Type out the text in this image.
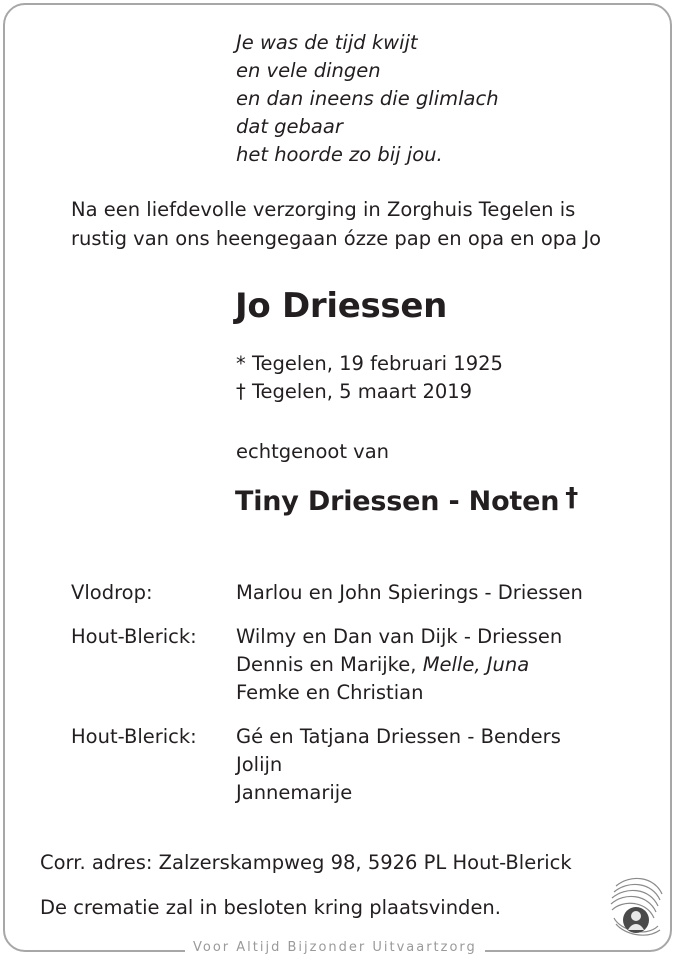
Je was de tijd kwijt
en vele dingen
en dan ineens die glimlach
dat gebaar
het hoorde zo bij jou.
Na een liefdevolle verzorging in Zorghuis Tegelen is
rustig van ons heengegaan ózze pap en opa en opa Jo
Jo Driessen
* Tegelen, 19 februari 1925
† Tegelen, 5 maart 2019
echtgenoot van
Tiny Driessen - Noten †
Vlodrop:	Marlou en John Spierings - Driessen
Hout-Blerick:	Wilmy en Dan van Dijk - Driessen
Dennis en Marijke, Melle, Juna
Femke en Christian
Hout-Blerick:	Gé en Tatjana Driessen - Benders
Jolijn
Jannemarije
Corr. adres: Zalzerskampweg 98, 5926 PL Hout-Blerick
De crematie zal in besloten kring plaatsvinden.
Voor Altijd Bijzonder Uitvaartzorg
